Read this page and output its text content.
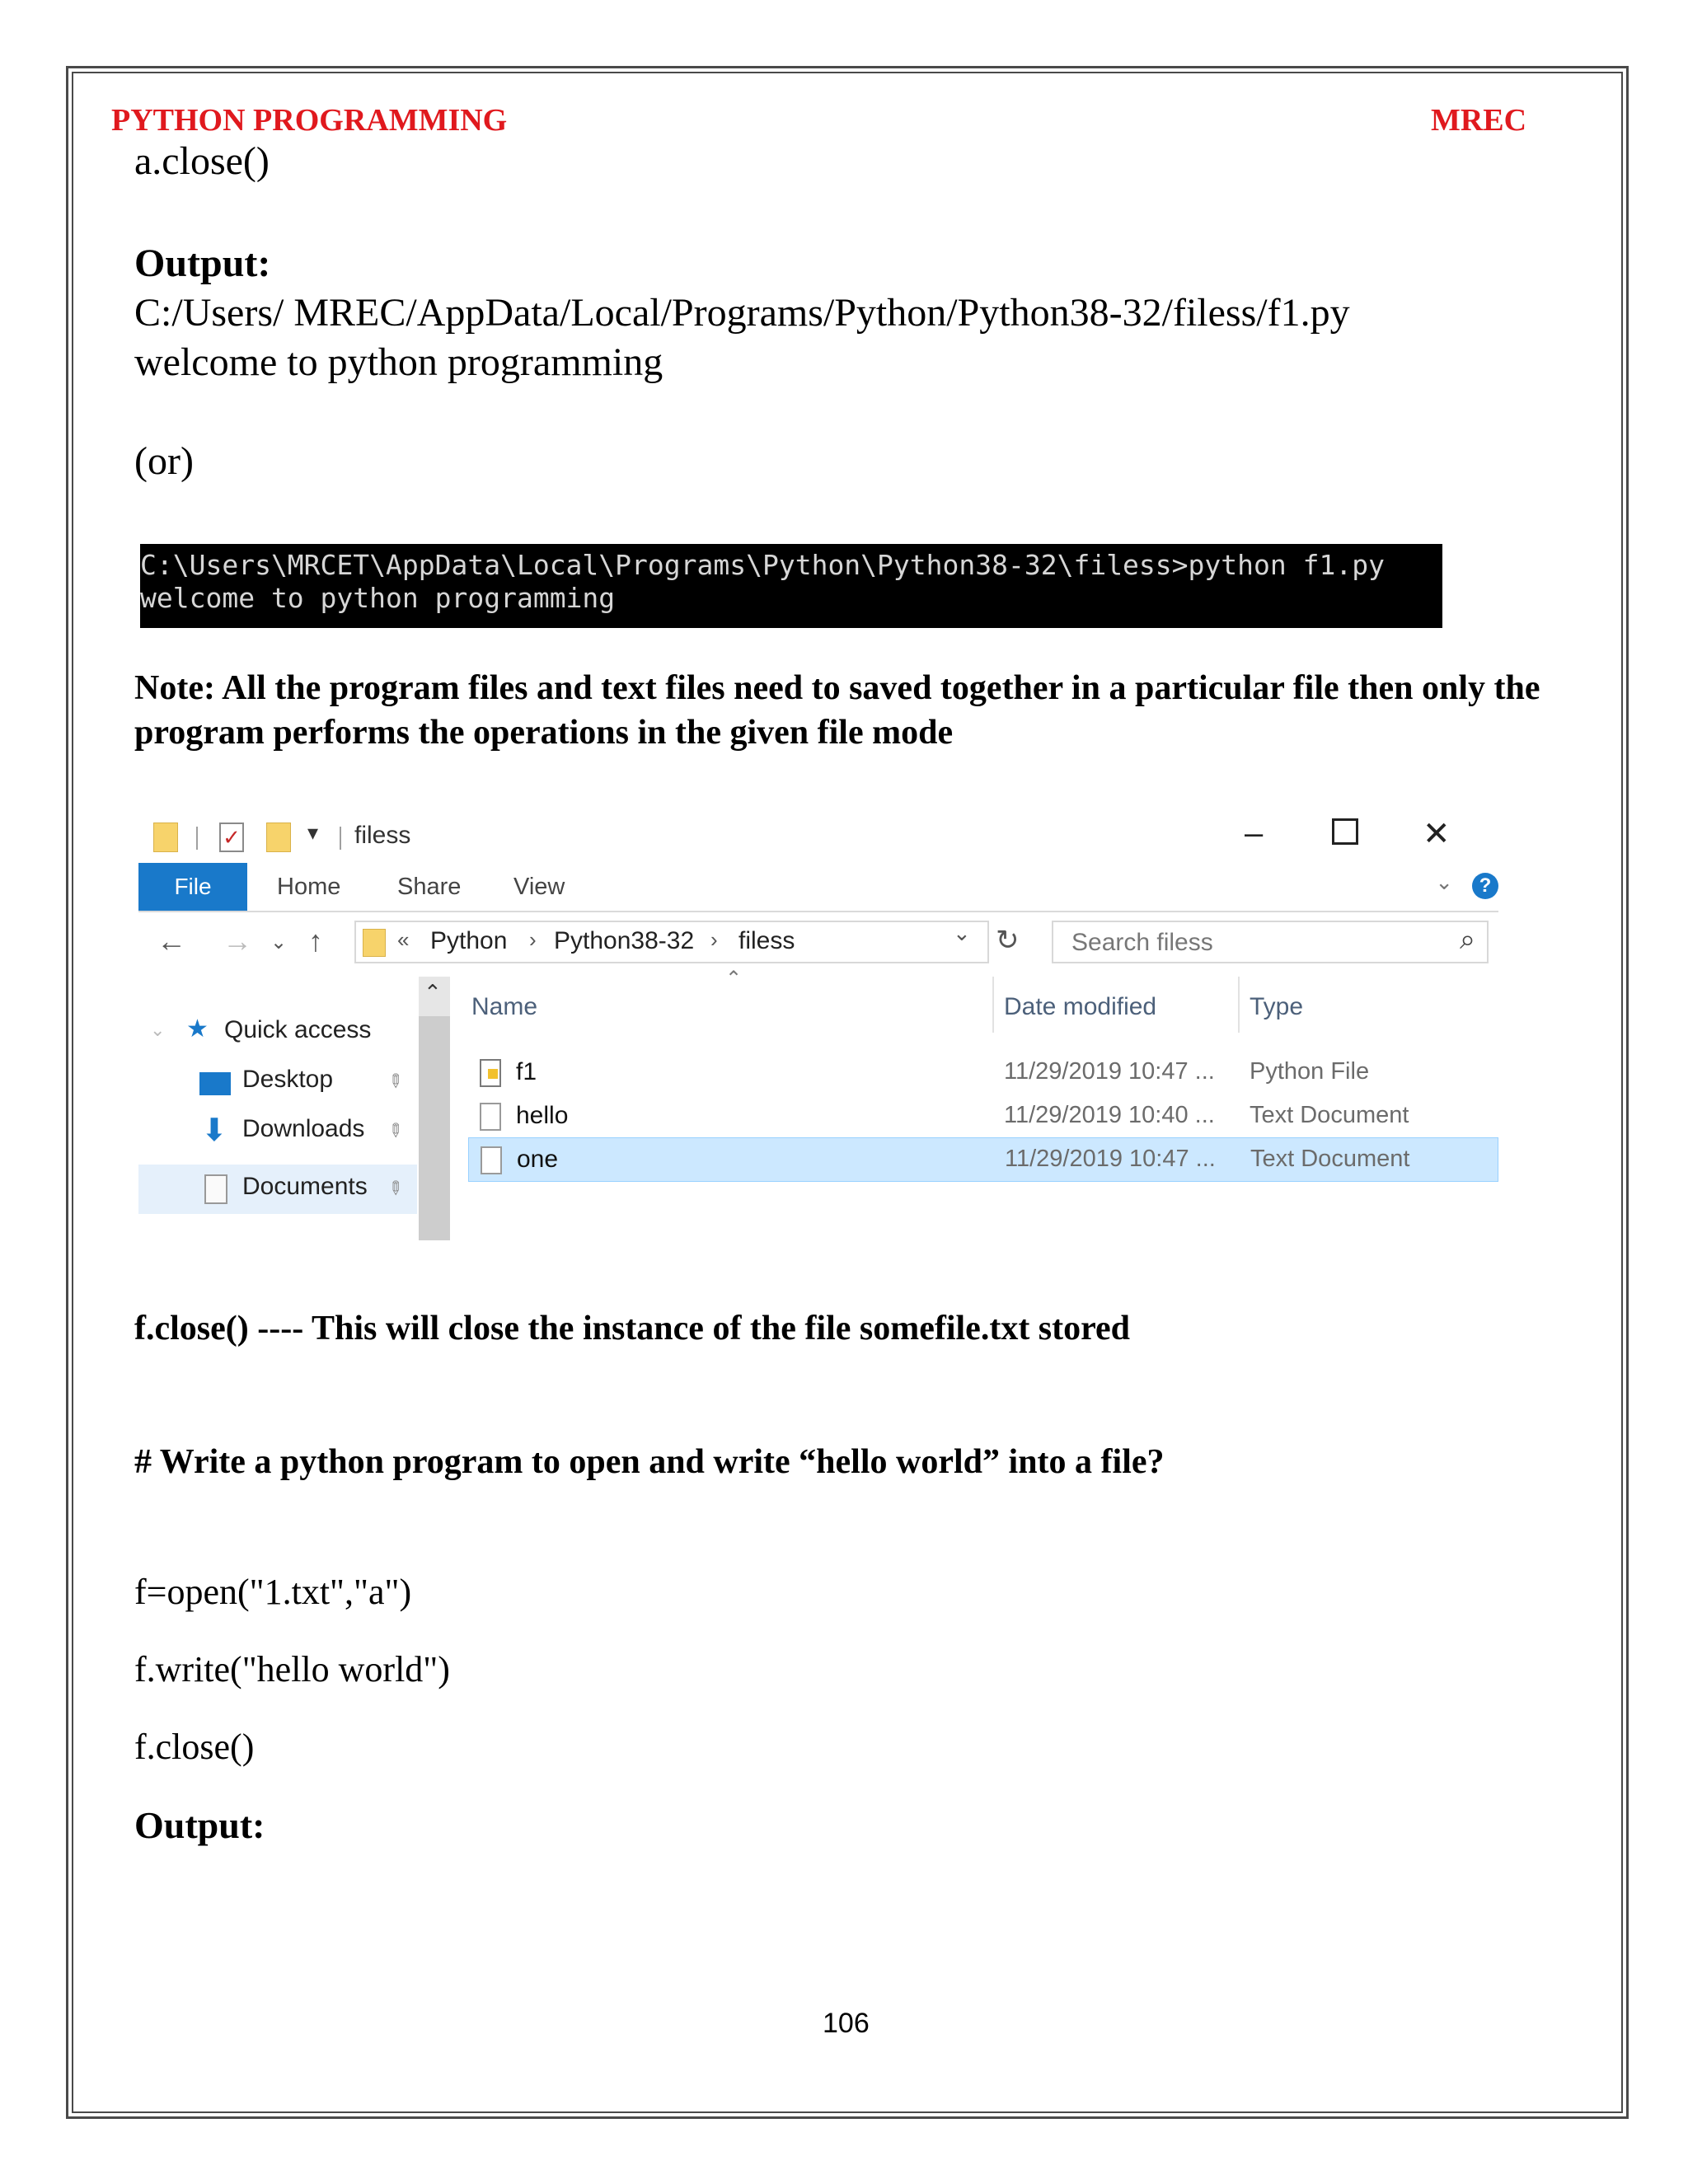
PYTHON PROGRAMMING	MREC
a.close()
Output:
C:/Users/ MREC/AppData/Local/Programs/Python/Python38-32/filess/f1.py
welcome to python programming
(or)
C:\Users\MRCET\AppData\Local\Programs\Python\Python38-32\filess>python f1.py
welcome to python programming
Note: All the program files and text files need to saved together in a particular file then only the program performs the operations in the given file mode
✓	▾ filess	–	✕
File	Home Share View	⌄	?
← → ⌄ ↑	« Python › Python38-32 › filess	⌄ ↻ Search filess	⌕
⌄ ★ Quick access
Desktop	✎
⬇ Downloads ✎
Documents ✎
⌃
⌃
Name	Date modified	Type
f1	11/29/2019 10:47 ... Python File
hello	11/29/2019 10:40 ... Text Document
one	11/29/2019 10:47 ... Text Document
f.close() ---- This will close the instance of the file somefile.txt stored
# Write a python program to open and write “hello world” into a file?
f=open("1.txt","a")
f.write("hello world")
f.close()
Output:
106
